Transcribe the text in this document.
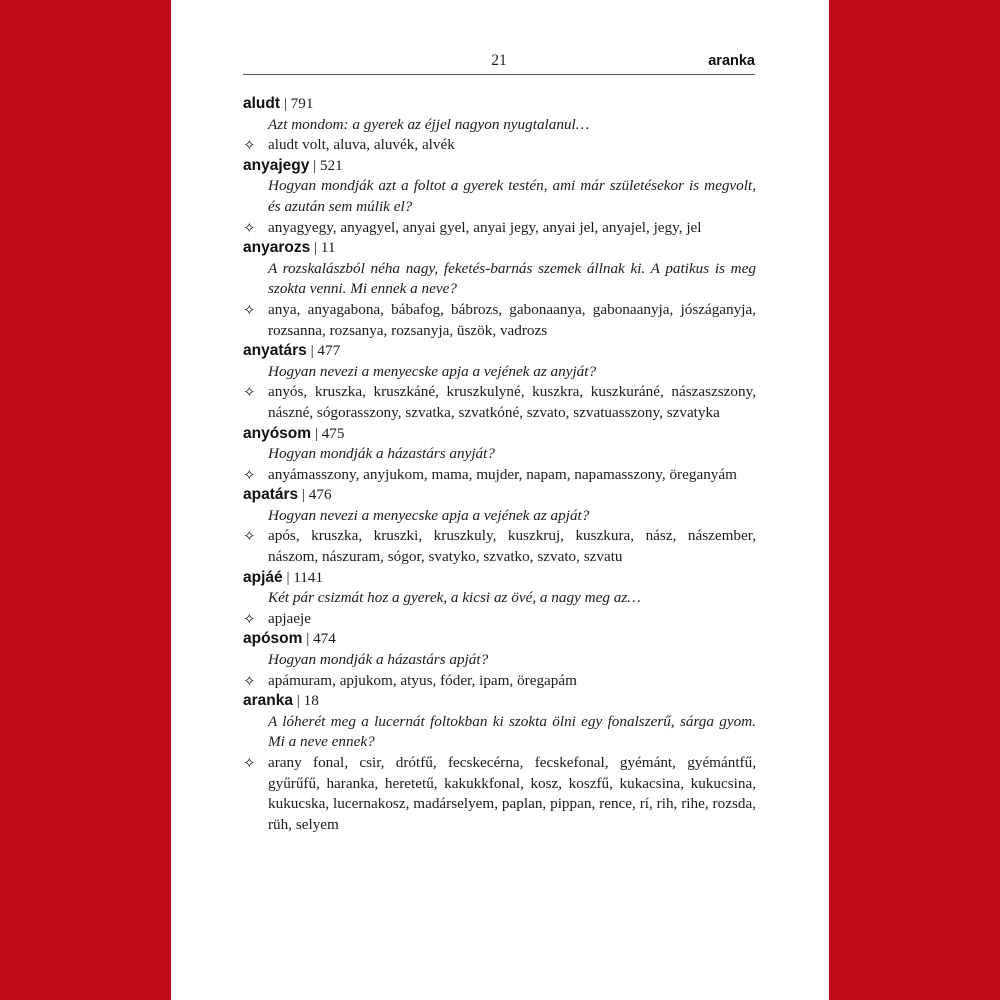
21	aranka
aludt | 791
Azt mondom: a gyerek az éjjel nagyon nyugtalanul…
✧ aludt volt, aluva, aluvék, alvék
anyajegy | 521
Hogyan mondják azt a foltot a gyerek testén, ami már születésekor is megvolt, és azután sem múlik el?
✧ anyagyegy, anyagyel, anyai gyel, anyai jegy, anyai jel, anyajel, jegy, jel
anyarozs | 11
A rozskalászból néha nagy, feketés-barnás szemek állnak ki. A patikus is meg szokta venni. Mi ennek a neve?
✧ anya, anyagabona, bábafog, bábrozs, gabonaanya, gabonaanyja, jószáganyja, rozsanna, rozsanya, rozsanyja, üszök, vadrozs
anyatárs | 477
Hogyan nevezi a menyecske apja a vejének az anyját?
✧ anyós, kruszka, kruszkáné, kruszkulyné, kuszkra, kuszkuráné, nászaszszony, nászné, sógorasszony, szvatka, szvatkóné, szvato, szvatuasszony, szvatyka
anyósom | 475
Hogyan mondják a házastárs anyját?
✧ anyámasszony, anyjukom, mama, mujder, napam, napamasszony, öreganyám
apatárs | 476
Hogyan nevezi a menyecske apja a vejének az apját?
✧ após, kruszka, kruszki, kruszkuly, kuszkruj, kuszkura, nász, nászember, nászom, nászuram, sógor, svatyko, szvatko, szvato, szvatu
apjáé | 1141
Két pár csizmát hoz a gyerek, a kicsi az övé, a nagy meg az…
✧ apjaeje
apósom | 474
Hogyan mondják a házastárs apját?
✧ apámuram, apjukom, atyus, fóder, ipam, öregapám
aranka | 18
A lóherét meg a lucernát foltokban ki szokta ölni egy fonalszerű, sárga gyom. Mi a neve ennek?
✧ arany fonal, csir, drótfű, fecskecérna, fecskefonal, gyémánt, gyémántfű, gyűrűfű, haranka, heretetű, kakukkfonal, kosz, koszfű, kukacsina, kukucsina, kukucska, lucernakosz, madárselyem, paplan, pippan, rence, rí, rih, rihe, rozsda, rüh, selyem
